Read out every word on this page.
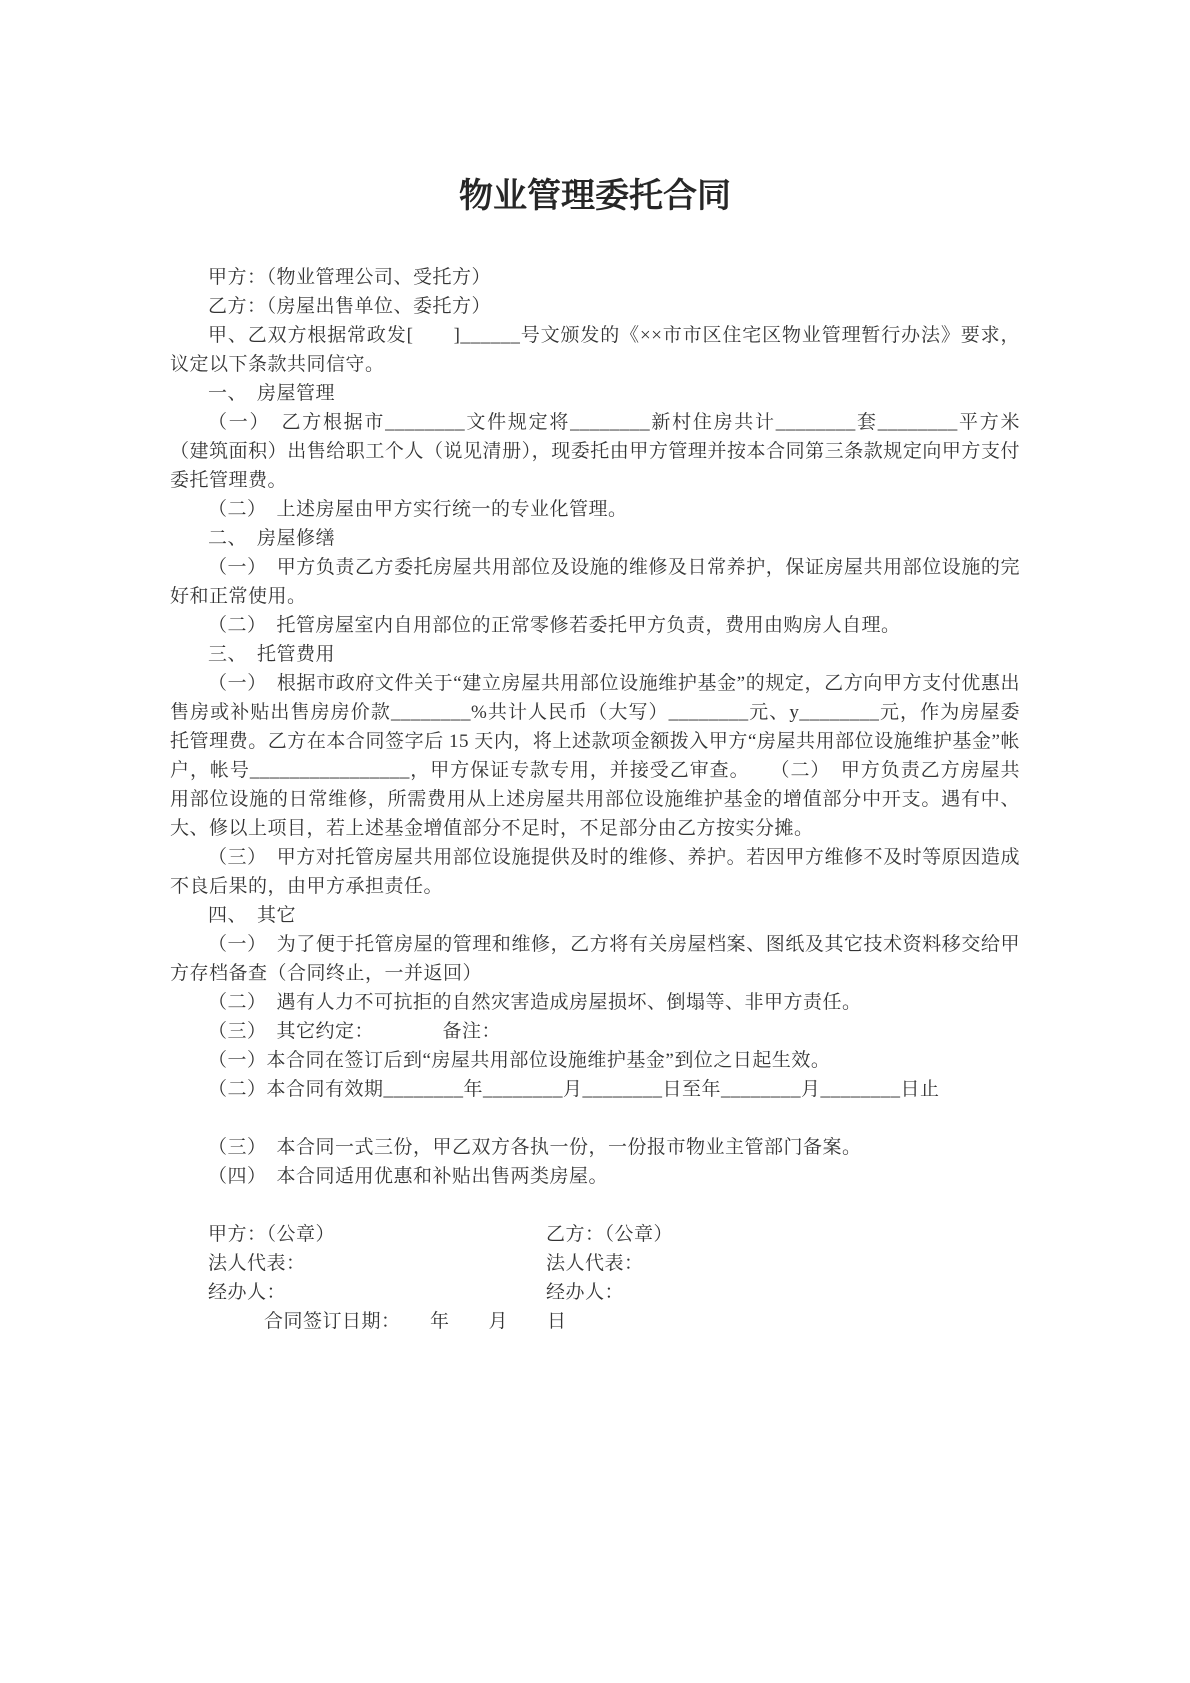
物业管理委托合同

甲方：（物业管理公司、受托方）

乙方：（房屋出售单位、委托方）

甲、乙双方根据常政发[　　]______号文颁发的《××市市区住宅区物业管理暂行办法》要求，议定以下条款共同信守。

一、　房屋管理

（一）　乙方根据市________文件规定将________新村住房共计________套________平方米（建筑面积）出售给职工个人（说见清册），现委托由甲方管理并按本合同第三条款规定向甲方支付委托管理费。

（二）　上述房屋由甲方实行统一的专业化管理。

二、　房屋修缮

（一）　甲方负责乙方委托房屋共用部位及设施的维修及日常养护，保证房屋共用部位设施的完好和正常使用。

（二）　托管房屋室内自用部位的正常零修若委托甲方负责，费用由购房人自理。

三、　托管费用

（一）　根据市政府文件关于“建立房屋共用部位设施维护基金”的规定，乙方向甲方支付优惠出售房或补贴出售房房价款________%共计人民币（大写）________元、y________元，作为房屋委托管理费。乙方在本合同签字后 15 天内，将上述款项金额拨入甲方“房屋共用部位设施维护基金”帐户，帐号________________，甲方保证专款专用，并接受乙审查。　　（二）　甲方负责乙方房屋共用部位设施的日常维修，所需费用从上述房屋共用部位设施维护基金的增值部分中开支。遇有中、大、修以上项目，若上述基金增值部分不足时，不足部分由乙方按实分摊。

（三）　甲方对托管房屋共用部位设施提供及时的维修、养护。若因甲方维修不及时等原因造成不良后果的，由甲方承担责任。

四、　其它

（一）　为了便于托管房屋的管理和维修，乙方将有关房屋档案、图纸及其它技术资料移交给甲方存档备查（合同终止，一并返回）

（二）　遇有人力不可抗拒的自然灾害造成房屋损坏、倒塌等、非甲方责任。

（三）　其它约定：　　　　备注：

（一）本合同在签订后到“房屋共用部位设施维护基金”到位之日起生效。

（二）本合同有效期________年________月________日至年________月________日止

（三）　本合同一式三份，甲乙双方各执一份，一份报市物业主管部门备案。

（四）　本合同适用优惠和补贴出售两类房屋。

甲方：（公章）	乙方：（公章）
法人代表：	法人代表：
经办人：	经办人：
合同签订日期：　　年　　月　　日
